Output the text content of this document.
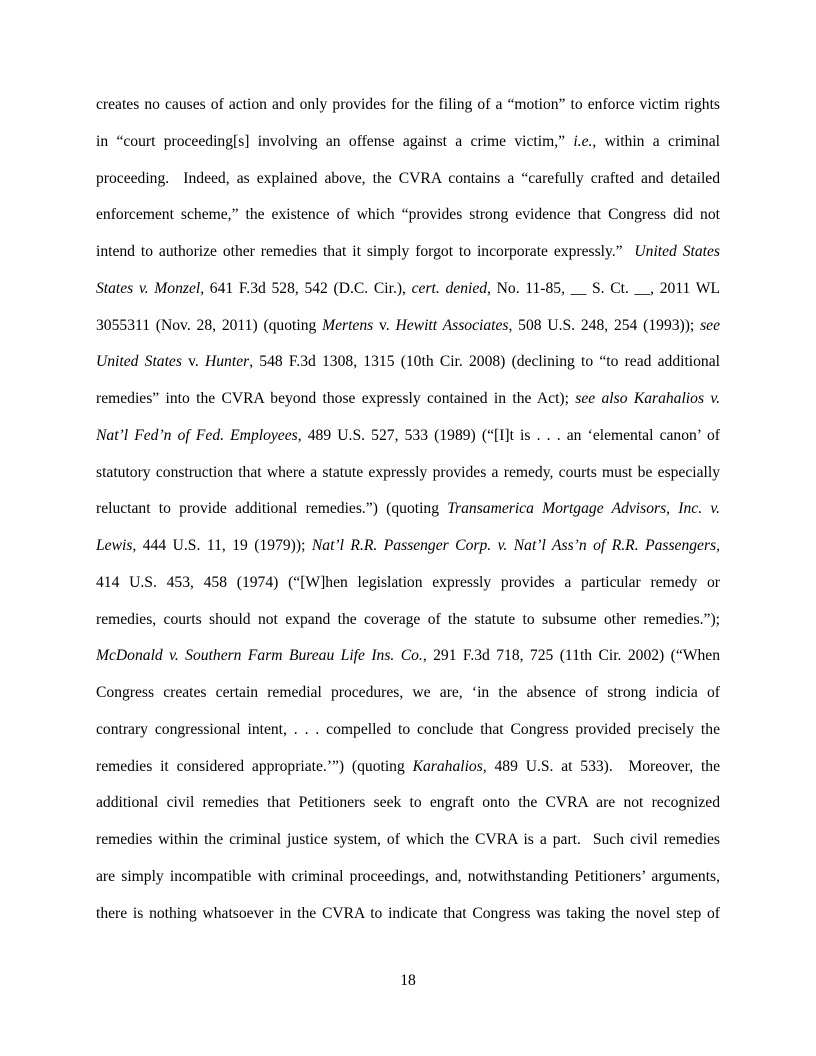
creates no causes of action and only provides for the filing of a “motion” to enforce victim rights
in “court proceeding[s] involving an offense against a crime victim,” i.e., within a criminal
proceeding.  Indeed, as explained above, the CVRA contains a “carefully crafted and detailed
enforcement scheme,” the existence of which “provides strong evidence that Congress did not
intend to authorize other remedies that it simply forgot to incorporate expressly.”  United States
States v. Monzel, 641 F.3d 528, 542 (D.C. Cir.), cert. denied, No. 11-85, __ S. Ct. __, 2011 WL
3055311 (Nov. 28, 2011) (quoting Mertens v. Hewitt Associates, 508 U.S. 248, 254 (1993)); see
United States v. Hunter, 548 F.3d 1308, 1315 (10th Cir. 2008) (declining to “to read additional
remedies” into the CVRA beyond those expressly contained in the Act); see also Karahalios v.
Nat’l Fed’n of Fed. Employees, 489 U.S. 527, 533 (1989) (“[I]t is . . . an ‘elemental canon’ of
statutory construction that where a statute expressly provides a remedy, courts must be especially
reluctant to provide additional remedies.”) (quoting Transamerica Mortgage Advisors, Inc. v.
Lewis, 444 U.S. 11, 19 (1979)); Nat’l R.R. Passenger Corp. v. Nat’l Ass’n of R.R. Passengers,
414 U.S. 453, 458 (1974) (“[W]hen legislation expressly provides a particular remedy or
remedies, courts should not expand the coverage of the statute to subsume other remedies.”);
McDonald v. Southern Farm Bureau Life Ins. Co., 291 F.3d 718, 725 (11th Cir. 2002) (“When
Congress creates certain remedial procedures, we are, ‘in the absence of strong indicia of
contrary congressional intent, . . . compelled to conclude that Congress provided precisely the
remedies it considered appropriate.’”) (quoting Karahalios, 489 U.S. at 533).  Moreover, the
additional civil remedies that Petitioners seek to engraft onto the CVRA are not recognized
remedies within the criminal justice system, of which the CVRA is a part.  Such civil remedies
are simply incompatible with criminal proceedings, and, notwithstanding Petitioners’ arguments,
there is nothing whatsoever in the CVRA to indicate that Congress was taking the novel step of
18
